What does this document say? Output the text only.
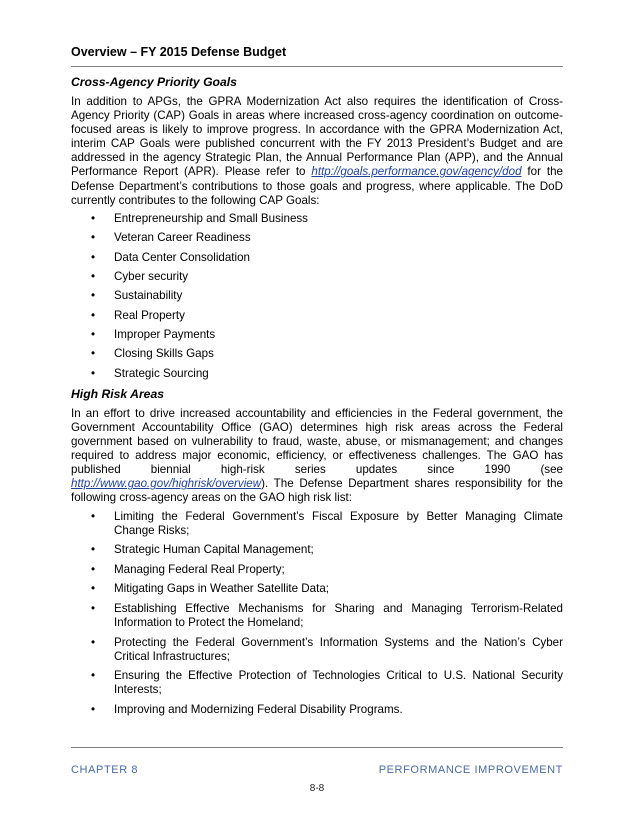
Overview – FY 2015 Defense Budget
Cross-Agency Priority Goals

In addition to APGs, the GPRA Modernization Act also requires the identification of Cross-Agency Priority (CAP) Goals in areas where increased cross-agency coordination on outcome-focused areas is likely to improve progress. In accordance with the GPRA Modernization Act, interim CAP Goals were published concurrent with the FY 2013 President’s Budget and are addressed in the agency Strategic Plan, the Annual Performance Plan (APP), and the Annual Performance Report (APR). Please refer to http://goals.performance.gov/agency/dod for the Defense Department’s contributions to those goals and progress, where applicable. The DoD currently contributes to the following CAP Goals:

• Entrepreneurship and Small Business
• Veteran Career Readiness
• Data Center Consolidation
• Cyber security
• Sustainability
• Real Property
• Improper Payments
• Closing Skills Gaps
• Strategic Sourcing
High Risk Areas

In an effort to drive increased accountability and efficiencies in the Federal government, the Government Accountability Office (GAO) determines high risk areas across the Federal government based on vulnerability to fraud, waste, abuse, or mismanagement; and changes required to address major economic, efficiency, or effectiveness challenges. The GAO has published biennial high-risk series updates since 1990 (see http://www.gao.gov/highrisk/overview). The Defense Department shares responsibility for the following cross-agency areas on the GAO high risk list:

• Limiting the Federal Government’s Fiscal Exposure by Better Managing Climate Change Risks;
• Strategic Human Capital Management;
• Managing Federal Real Property;
• Mitigating Gaps in Weather Satellite Data;
• Establishing Effective Mechanisms for Sharing and Managing Terrorism-Related Information to Protect the Homeland;
• Protecting the Federal Government’s Information Systems and the Nation’s Cyber Critical Infrastructures;
• Ensuring the Effective Protection of Technologies Critical to U.S. National Security Interests;
• Improving and Modernizing Federal Disability Programs.
CHAPTER 8	PERFORMANCE IMPROVEMENT
8-8
